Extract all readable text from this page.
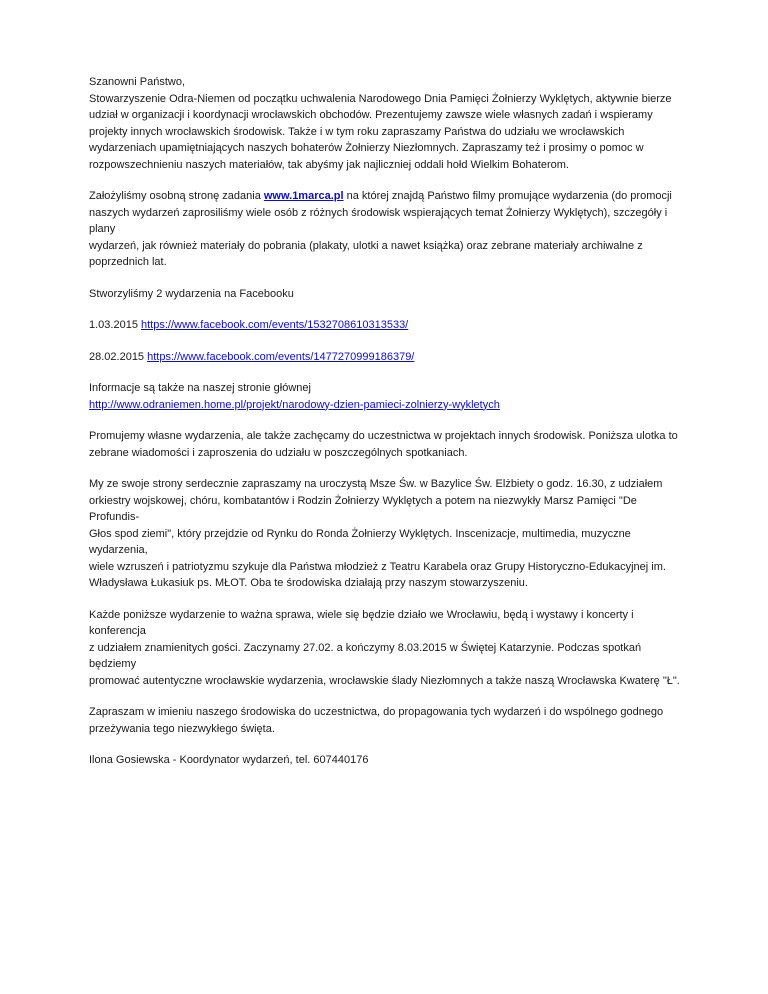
Szanowni Państwo,
Stowarzyszenie Odra-Niemen od początku uchwalenia Narodowego Dnia Pamięci Żołnierzy Wyklętych, aktywnie bierze
udział w organizacji i koordynacji wrocławskich obchodów. Prezentujemy zawsze wiele własnych zadań i wspieramy
projekty innych wrocławskich środowisk. Także i w tym roku zapraszamy Państwa do udziału we wrocławskich
wydarzeniach upamiętniających naszych bohaterów Żołnierzy Niezłomnych. Zapraszamy też i prosimy o pomoc w
rozpowszechnieniu naszych materiałów, tak abyśmy jak najliczniej oddali hołd Wielkim Bohaterom.

Założyliśmy osobną stronę zadania www.1marca.pl na której znajdą Państwo filmy promujące wydarzenia (do promocji
naszych wydarzeń zaprosiliśmy wiele osób z różnych środowisk wspierających temat Żołnierzy Wyklętych), szczegóły i plany
wydarzeń, jak również materiały do pobrania (plakaty, ulotki a nawet książka) oraz zebrane materiały archiwalne z
poprzednich lat.

Stworzyliśmy 2 wydarzenia na Facebooku

1.03.2015 https://www.facebook.com/events/1532708610313533/

28.02.2015 https://www.facebook.com/events/1477270999186379/

Informacje są także na naszej stronie głównej
http://www.odraniemen.home.pl/projekt/narodowy-dzien-pamieci-zolnierzy-wykletych

Promujemy własne wydarzenia, ale także zachęcamy do uczestnictwa w projektach innych środowisk. Poniższa ulotka to
zebrane wiadomości i zaproszenia do udziału w poszczególnych spotkaniach.

My ze swoje strony serdecznie zapraszamy na uroczystą Msze Św. w Bazylice Św. Elżbiety o godz. 16.30, z udziałem
orkiestry wojskowej, chóru, kombatantów i Rodzin Żołnierzy Wyklętych a potem na niezwykły Marsz Pamięci "De Profundis-
Głos spod ziemi", który przejdzie od Rynku do Ronda Żołnierzy Wyklętych. Inscenizacje, multimedia, muzyczne wydarzenia,
wiele wzruszeń i patriotyzmu szykuje dla Państwa młodzież z Teatru Karabela oraz Grupy Historyczno-Edukacyjnej im.
Władysława Łukasiuk ps. MŁOT. Oba te środowiska działają przy naszym stowarzyszeniu.

Każde poniższe wydarzenie to ważna sprawa, wiele się będzie działo we Wrocławiu, będą i wystawy i koncerty i konferencja
z udziałem znamienitych gości. Zaczynamy 27.02. a kończymy 8.03.2015 w Świętej Katarzynie. Podczas spotkań będziemy
promować autentyczne wrocławskie wydarzenia, wrocławskie ślady Niezłomnych a także naszą Wrocławska Kwaterę "Ł".

Zapraszam w imieniu naszego środowiska do uczestnictwa, do propagowania tych wydarzeń i do wspólnego godnego
przeżywania tego niezwykłego święta.

Ilona Gosiewska - Koordynator wydarzeń, tel. 607440176
